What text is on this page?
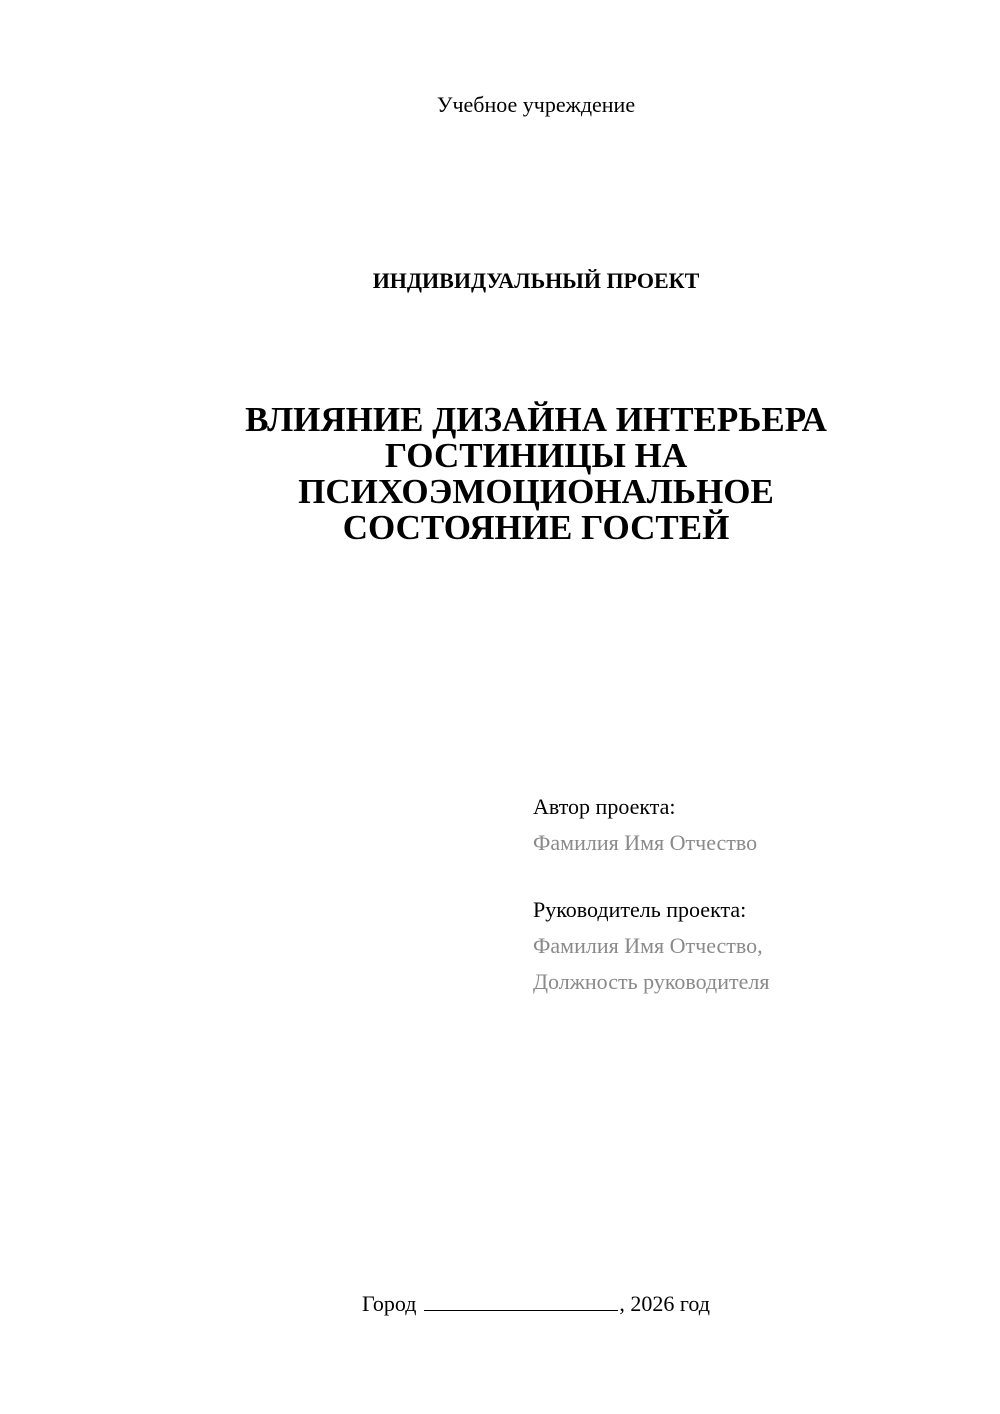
Учебное учреждение
ИНДИВИДУАЛЬНЫЙ ПРОЕКТ
ВЛИЯНИЕ ДИЗАЙНА ИНТЕРЬЕРА
ГОСТИНИЦЫ НА
ПСИХОЭМОЦИОНАЛЬНОЕ
СОСТОЯНИЕ ГОСТЕЙ
Автор проекта:
Фамилия Имя Отчество
Руководитель проекта:
Фамилия Имя Отчество,
Должность руководителя
Город	, 2026 год
